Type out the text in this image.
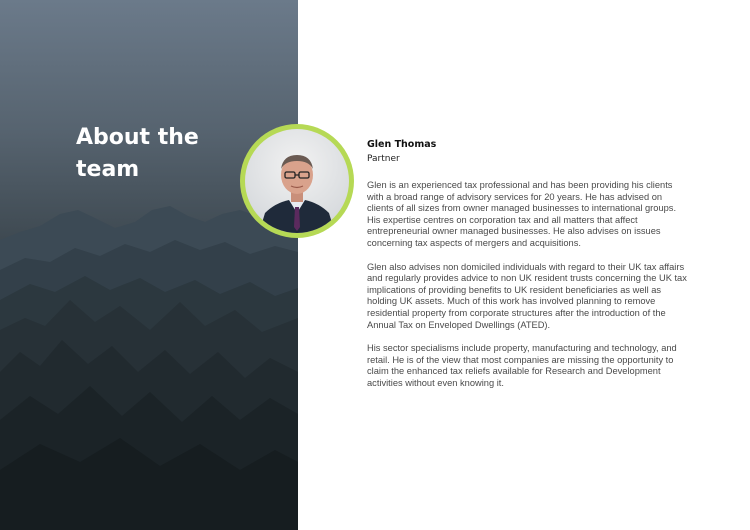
About the
team
Glen Thomas
Partner

Glen is an experienced tax professional and has been providing his clients with a broad range of advisory services for 20 years. He has advised on clients of all sizes from owner managed businesses to international groups. His expertise centres on corporation tax and all matters that affect entrepreneurial owner managed businesses. He also advises on issues concerning tax aspects of mergers and acquisitions.

Glen also advises non domiciled individuals with regard to their UK tax affairs and regularly provides advice to non UK resident trusts concerning the UK tax implications of providing benefits to UK resident beneficiaries as well as holding UK assets. Much of this work has involved planning to remove residential property from corporate structures after the introduction of the Annual Tax on Enveloped Dwellings (ATED).

His sector specialisms include property, manufacturing and technology, and retail. He is of the view that most companies are missing the opportunity to claim the enhanced tax reliefs available for Research and Development activities without even knowing it.
